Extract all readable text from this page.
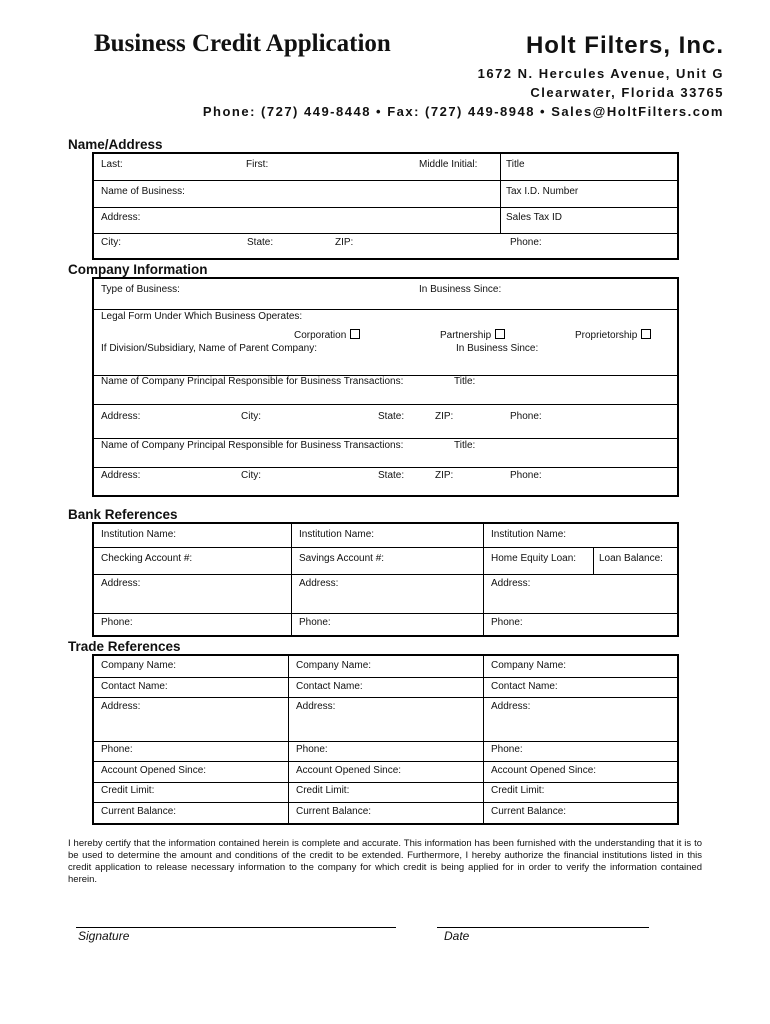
Business Credit Application	Holt Filters, Inc.
1672 N. Hercules Avenue, Unit G
Clearwater, Florida 33765
Phone: (727) 449-8448 • Fax: (727) 449-8948 • Sales@HoltFilters.com
Name/Address
Last:	First:	Middle Initial:	Title
Name of Business:	Tax I.D. Number
Address:	Sales Tax ID
City:	State:	ZIP:	Phone:
Company Information
Type of Business:	In Business Since:
Legal Form Under Which Business Operates:
Corporation	Partnership	Proprietorship
If Division/Subsidiary, Name of Parent Company:	In Business Since:
Name of Company Principal Responsible for Business Transactions:	Title:
Address:	City:	State:	ZIP:	Phone:
Name of Company Principal Responsible for Business Transactions:	Title:
Address:	City:	State:	ZIP:	Phone:
Bank References
Institution Name:	Institution Name:	Institution Name:
Checking Account #:	Savings Account #:	Home Equity Loan: Loan Balance:
Address:	Address:	Address:
Phone:	Phone:	Phone:
Trade References
Company Name:	Company Name:	Company Name:
Contact Name:	Contact Name:	Contact Name:
Address:	Address:	Address:
Phone:	Phone:	Phone:
Account Opened Since:	Account Opened Since:	Account Opened Since:
Credit Limit:	Credit Limit:	Credit Limit:
Current Balance:	Current Balance:	Current Balance:
I hereby certify that the information contained herein is complete and accurate. This information has been furnished with the understanding that it is to be used to determine the amount and conditions of the credit to be extended. Furthermore, I hereby authorize the financial institutions listed in this credit application to release necessary information to the company for which credit is being applied for in order to verify the information contained herein.
Signature	Date
